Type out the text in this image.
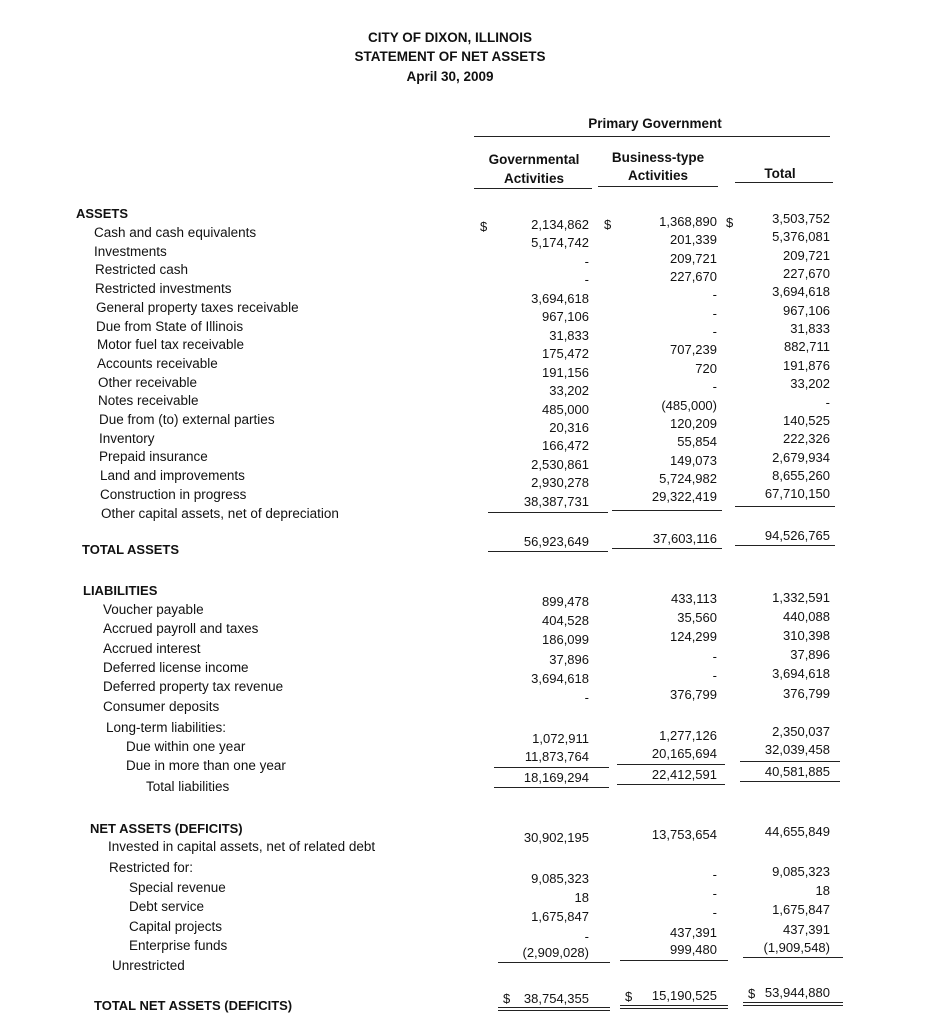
CITY OF DIXON, ILLINOIS
STATEMENT OF NET ASSETS
April 30, 2009
Primary Government
Governmental
Activities
Business-type
Activities	Total
ASSETS
Cash and cash equivalents
2,134,862	1,368,890	3,503,752
Investments
5,174,742	201,339	5,376,081
Restricted cash
-	209,721	209,721
Restricted investments
-	227,670	227,670
General property taxes receivable
3,694,618	-	3,694,618
Due from State of Illinois
967,106	-	967,106
Motor fuel tax receivable
31,833	-	31,833
Accounts receivable
175,472	707,239	882,711
Other receivable
191,156	720	191,876
Notes receivable
33,202	-	33,202
Due from (to) external parties
485,000	(485,000)	-
Inventory
20,316	120,209	140,525
Prepaid insurance
166,472	55,854	222,326
Land and improvements
2,530,861	149,073	2,679,934
Construction in progress
2,930,278	5,724,982	8,655,260
Other capital assets, net of depreciation
38,387,731	29,322,419	67,710,150
$	$	$
TOTAL ASSETS
56,923,649	37,603,116	94,526,765
LIABILITIES
Voucher payable
899,478	433,113	1,332,591
Accrued payroll and taxes
404,528	35,560	440,088
Accrued interest
186,099	124,299	310,398
Deferred license income
37,896	-	37,896
Deferred property tax revenue
3,694,618	-	3,694,618
Consumer deposits
-	376,799	376,799
Long-term liabilities:
Due within one year
1,072,911	1,277,126	2,350,037
Due in more than one year
11,873,764	20,165,694	32,039,458
Total liabilities
18,169,294	22,412,591	40,581,885
NET ASSETS (DEFICITS)
Invested in capital assets, net of related debt
30,902,195	13,753,654	44,655,849
Restricted for:
Special revenue
9,085,323	-	9,085,323
Debt service
18	-	18
Capital projects
1,675,847	-	1,675,847
Enterprise funds
-	437,391	437,391
Unrestricted
(2,909,028)	999,480	(1,909,548)
TOTAL NET ASSETS (DEFICITS)	$	$	$
38,754,355	15,190,525	53,944,880
